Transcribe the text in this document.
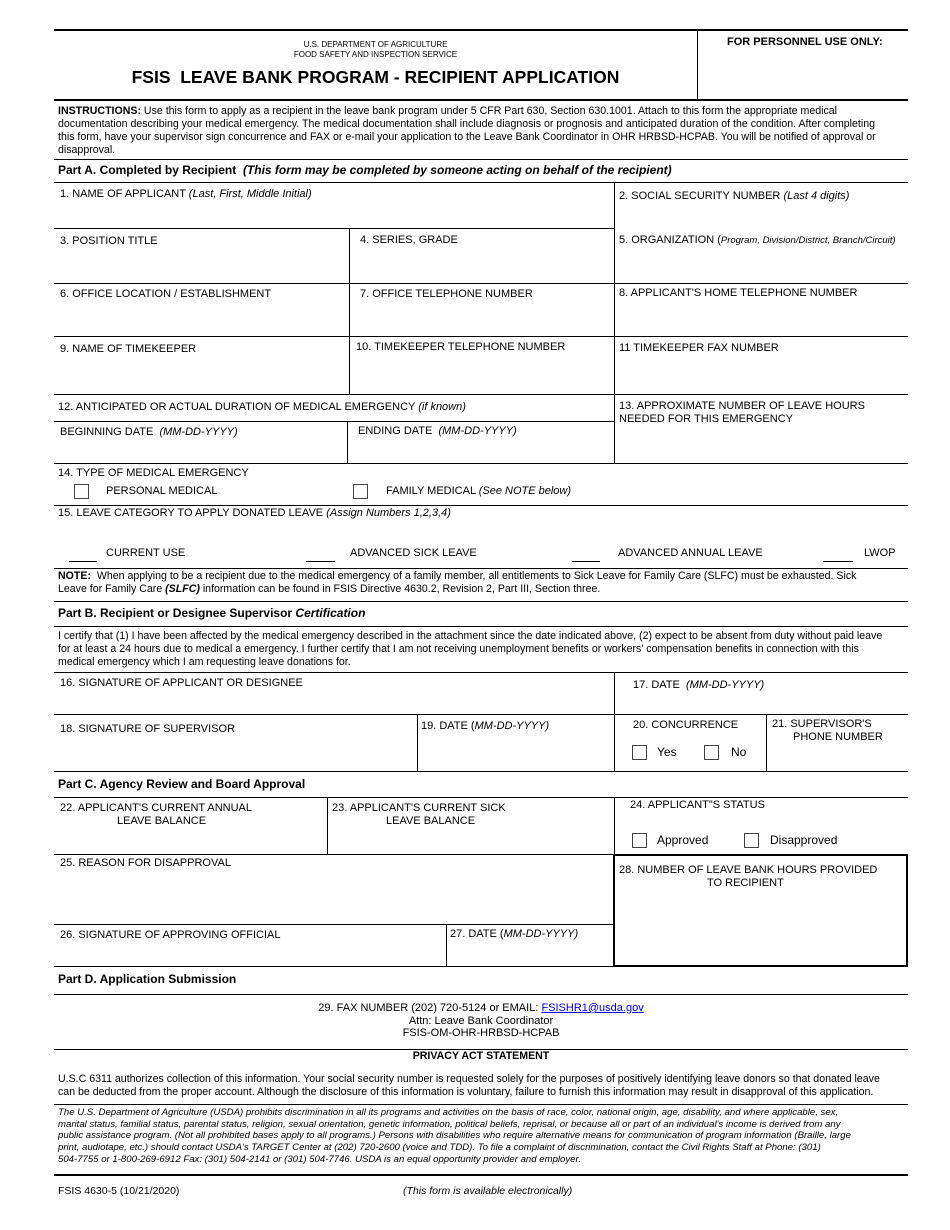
U.S. DEPARTMENT OF AGRICULTURE
FOOD SAFETY AND INSPECTION SERVICE
FSIS  LEAVE BANK PROGRAM - RECIPIENT APPLICATION
FOR PERSONNEL USE ONLY:
INSTRUCTIONS: Use this form to apply as a recipient in the leave bank program under 5 CFR Part 630, Section 630.1001. Attach to this form the appropriate medical
documentation describing your medical emergency. The medical documentation shall include diagnosis or prognosis and anticipated duration of the condition. After completing
this form, have your supervisor sign concurrence and FAX or e-mail your application to the Leave Bank Coordinator in OHR HRBSD-HCPAB. You will be notified of approval or
disapproval.
Part A. Completed by Recipient (This form may be completed by someone acting on behalf of the recipient)
1. NAME OF APPLICANT (Last, First, Middle Initial)	2. SOCIAL SECURITY NUMBER (Last 4 digits)
3. POSITION TITLE	4. SERIES, GRADE	5. ORGANIZATION (Program, Division/District, Branch/Circuit)
6. OFFICE LOCATION / ESTABLISHMENT	7. OFFICE TELEPHONE NUMBER	8. APPLICANT'S HOME TELEPHONE NUMBER
9. NAME OF TIMEKEEPER	10. TIMEKEEPER TELEPHONE NUMBER	11 TIMEKEEPER FAX NUMBER
12. ANTICIPATED OR ACTUAL DURATION OF MEDICAL EMERGENCY (if known)
BEGINNING DATE (MM-DD-YYYY)	ENDING DATE (MM-DD-YYYY)
13. APPROXIMATE NUMBER OF LEAVE HOURS
NEEDED FOR THIS EMERGENCY
14. TYPE OF MEDICAL EMERGENCY
PERSONAL MEDICAL	FAMILY MEDICAL (See NOTE below)
15. LEAVE CATEGORY TO APPLY DONATED LEAVE (Assign Numbers 1,2,3,4)
CURRENT USE	ADVANCED SICK LEAVE	ADVANCED ANNUAL LEAVE	LWOP
NOTE:  When applying to be a recipient due to the medical emergency of a family member, all entitlements to Sick Leave for Family Care (SLFC) must be exhausted. Sick
Leave for Family Care (SLFC) information can be found in FSIS Directive 4630.2, Revision 2, Part III, Section three.
Part B. Recipient or Designee Supervisor Certification
I certify that (1) I have been affected by the medical emergency described in the attachment since the date indicated above, (2) expect to be absent from duty without paid leave
for at least a 24 hours due to medical a emergency. I further certify that I am not receiving unemployment benefits or workers' compensation benefits in connection with this
medical emergency which I am requesting leave donations for.
16. SIGNATURE OF APPLICANT OR DESIGNEE	17. DATE (MM-DD-YYYY)
18. SIGNATURE OF SUPERVISOR	19. DATE (MM-DD-YYYY)	20. CONCURRENCE
Yes	No
21. SUPERVISOR'S
PHONE NUMBER
Part C. Agency Review and Board Approval
22. APPLICANT'S CURRENT ANNUAL
LEAVE BALANCE
23. APPLICANT'S CURRENT SICK
LEAVE BALANCE
24. APPLICANT"S STATUS
Approved	Disapproved
28. NUMBER OF LEAVE BANK HOURS PROVIDED
TO RECIPIENT
25. REASON FOR DISAPPROVAL
26. SIGNATURE OF APPROVING OFFICIAL	27. DATE (MM-DD-YYYY)
Part D. Application Submission
29. FAX NUMBER (202) 720-5124 or EMAIL: FSISHR1@usda.gov
Attn: Leave Bank Coordinator
FSIS-OM-OHR-HRBSD-HCPAB
PRIVACY ACT STATEMENT
U.S.C 6311 authorizes collection of this information. Your social security number is requested solely for the purposes of positively identifying leave donors so that donated leave
can be deducted from the proper account. Although the disclosure of this information is voluntary, failure to furnish this information may result in disapproval of this application.
The U.S. Department of Agriculture (USDA) prohibits discrimination in all its programs and activities on the basis of race, color, national origin, age, disability, and where applicable, sex,
marital status, familial status, parental status, religion, sexual orientation, genetic information, political beliefs, reprisal, or because all or part of an individual's income is derived from any
public assistance program. (Not all prohibited bases apply to all programs.) Persons with disabilities who require alternative means for communication of program information (Braille, large
print, audiotape, etc.) should contact USDA's TARGET Center at (202) 720-2600 (voice and TDD). To file a complaint of discrimination, contact the Civil Rights Staff at Phone: (301)
504-7755 or 1-800-269-6912 Fax: (301) 504-2141 or (301) 504-7746. USDA is an equal opportunity provider and employer.
FSIS 4630-5 (10/21/2020)	(This form is available electronically)
